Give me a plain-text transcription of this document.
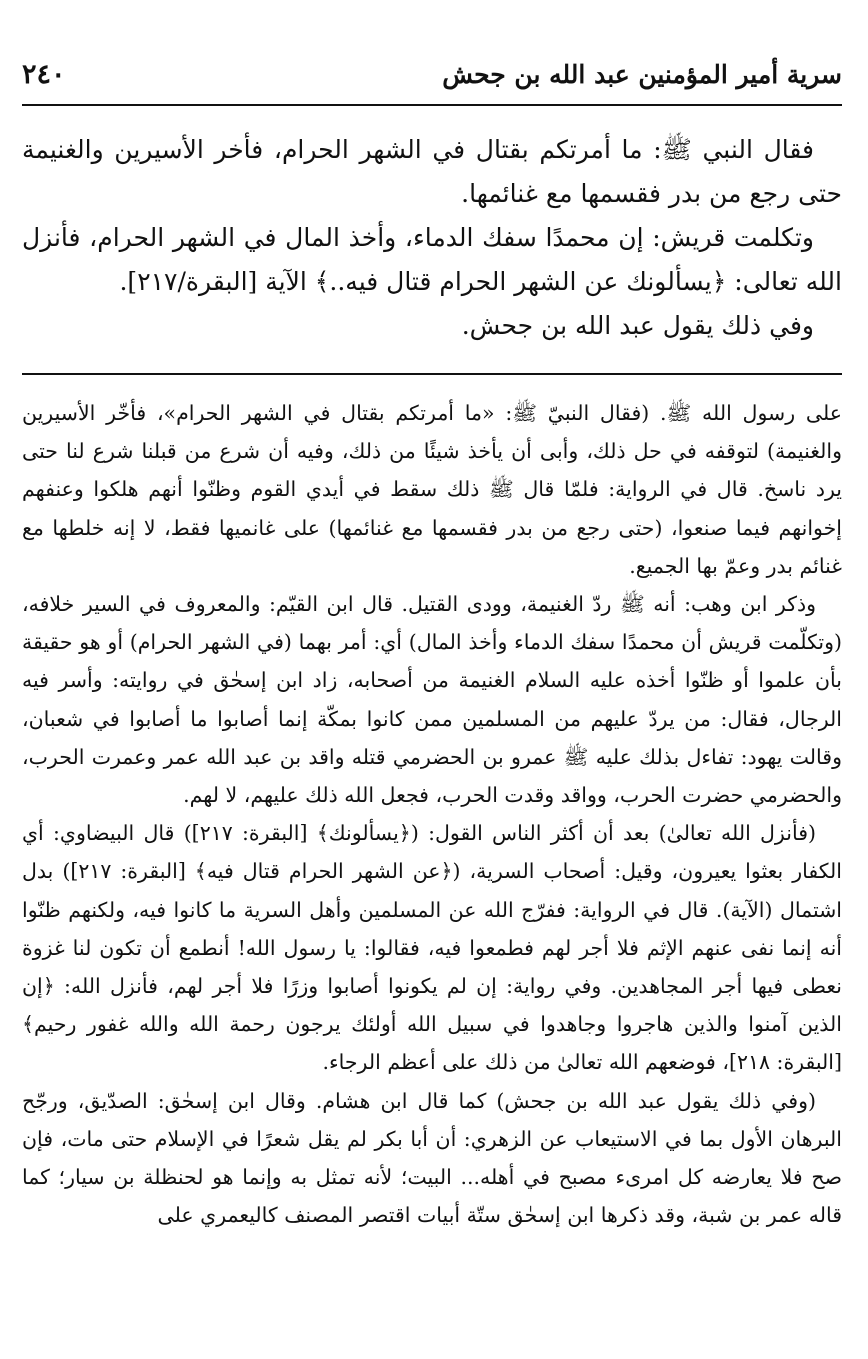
سرية أمير المؤمنين عبد الله بن جحش
٢٤٠

فقال النبي ﷺ: ما أمرتكم بقتال في الشهر الحرام، فأخر الأسيرين والغنيمة حتى رجع من بدر فقسمها مع غنائمها.

وتكلمت قريش: إن محمدًا سفك الدماء، وأخذ المال في الشهر الحرام، فأنزل الله تعالى: ﴿يسألونك عن الشهر الحرام قتال فيه..﴾ الآية [البقرة/٢١٧].

وفي ذلك يقول عبد الله بن جحش.

على رسول الله ﷺ. (فقال النبيّ ﷺ: «ما أمرتكم بقتال في الشهر الحرام»، فأخّر الأسيرين والغنيمة) لتوقفه في حل ذلك، وأبى أن يأخذ شيئًا من ذلك، وفيه أن شرع من قبلنا شرع لنا حتى يرد ناسخ. قال في الرواية: فلمّا قال ﷺ ذلك سقط في أيدي القوم وظنّوا أنهم هلكوا وعنفهم إخوانهم فيما صنعوا، (حتى رجع من بدر فقسمها مع غنائمها) على غانميها فقط، لا إنه خلطها مع غنائم بدر وعمّ بها الجميع.

وذكر ابن وهب: أنه ﷺ ردّ الغنيمة، وودى القتيل. قال ابن القيّم: والمعروف في السير خلافه، (وتكلّمت قريش أن محمدًا سفك الدماء وأخذ المال) أي: أمر بهما (في الشهر الحرام) أو هو حقيقة بأن علموا أو ظنّوا أخذه عليه السلام الغنيمة من أصحابه، زاد ابن إسحٰق في روايته: وأسر فيه الرجال، فقال: من يردّ عليهم من المسلمين ممن كانوا بمكّة إنما أصابوا ما أصابوا في شعبان، وقالت يهود: تفاءل بذلك عليه ﷺ عمرو بن الحضرمي قتله واقد بن عبد الله عمر وعمرت الحرب، والحضرمي حضرت الحرب، وواقد وقدت الحرب، فجعل الله ذلك عليهم، لا لهم.

(فأنزل الله تعالىٰ) بعد أن أكثر الناس القول: (﴿يسألونك﴾ [البقرة: ٢١٧]) قال البيضاوي: أي الكفار بعثوا يعيرون، وقيل: أصحاب السرية، (﴿عن الشهر الحرام قتال فيه﴾ [البقرة: ٢١٧]) بدل اشتمال (الآية). قال في الرواية: ففرّج الله عن المسلمين وأهل السرية ما كانوا فيه، ولكنهم ظنّوا أنه إنما نفى عنهم الإثم فلا أجر لهم فطمعوا فيه، فقالوا: يا رسول الله! أنطمع أن تكون لنا غزوة نعطى فيها أجر المجاهدين. وفي رواية: إن لم يكونوا أصابوا وزرًا فلا أجر لهم، فأنزل الله: ﴿إن الذين آمنوا والذين هاجروا وجاهدوا في سبيل الله أولئك يرجون رحمة الله والله غفور رحيم﴾ [البقرة: ٢١٨]، فوضعهم الله تعالىٰ من ذلك على أعظم الرجاء.

(وفي ذلك يقول عبد الله بن جحش) كما قال ابن هشام. وقال ابن إسحٰق: الصدّيق، ورجّح البرهان الأول بما في الاستيعاب عن الزهري: أن أبا بكر لم يقل شعرًا في الإسلام حتى مات، فإن صح فلا يعارضه كل امرىء مصبح في أهله... البيت؛ لأنه تمثل به وإنما هو لحنظلة بن سيار؛ كما قاله عمر بن شبة، وقد ذكرها ابن إسحٰق ستّة أبيات اقتصر المصنف كاليعمري على
